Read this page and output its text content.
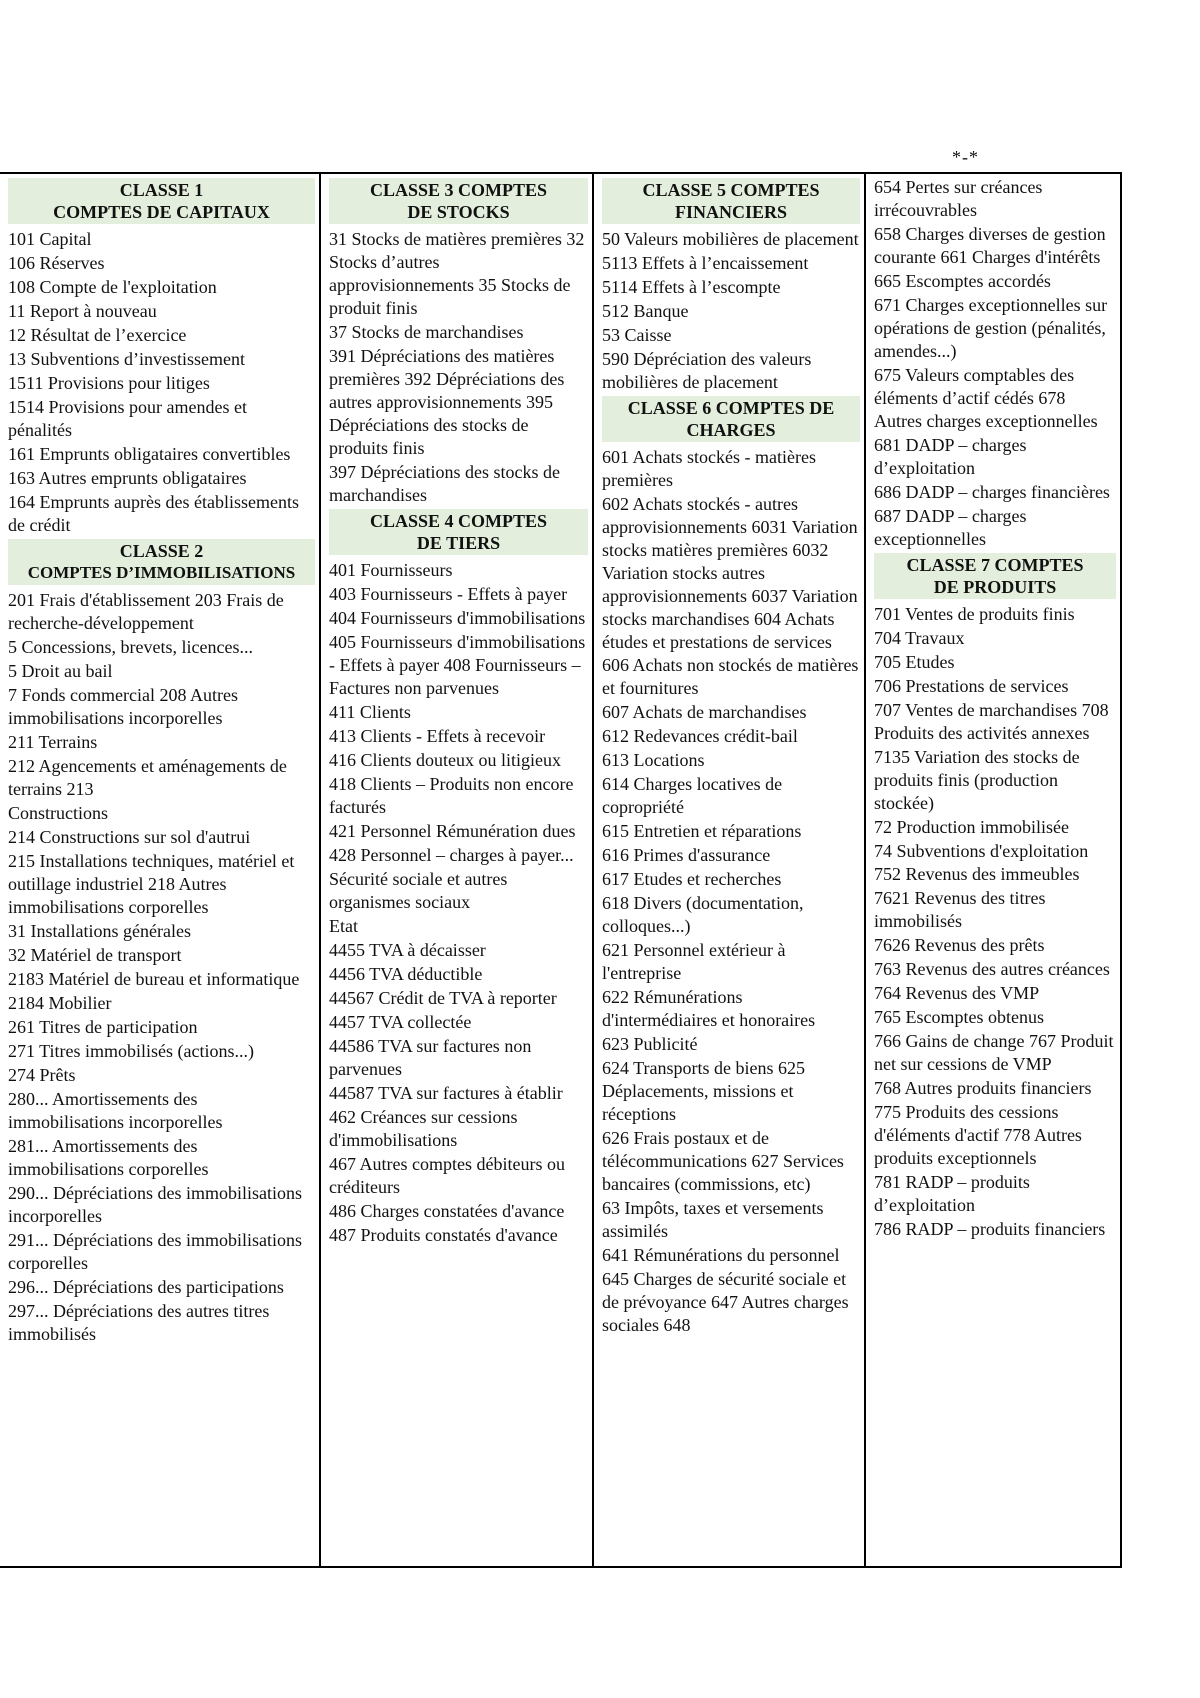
*-*
CLASSE 1
COMPTES DE CAPITAUX
101 Capital
106 Réserves
108 Compte de l'exploitation
11 Report à nouveau
12 Résultat de l’exercice
13 Subventions d’investissement
1511 Provisions pour litiges
1514 Provisions pour amendes et pénalités
161 Emprunts obligataires convertibles
163 Autres emprunts obligataires
164 Emprunts auprès des établissements de crédit
CLASSE 2
COMPTES D’IMMOBILISATIONS
201 Frais d'établissement 203 Frais de recherche-développement
5 Concessions, brevets, licences...
5 Droit au bail
7 Fonds commercial 208 Autres immobilisations incorporelles
211 Terrains
212 Agencements et aménagements de terrains 213
Constructions
214 Constructions sur sol d'autrui
215 Installations techniques, matériel et outillage industriel 218 Autres immobilisations corporelles
31 Installations générales
32 Matériel de transport
2183 Matériel de bureau et informatique
2184 Mobilier
261 Titres de participation
271 Titres immobilisés (actions...)
274 Prêts
280... Amortissements des immobilisations incorporelles
281... Amortissements des immobilisations corporelles
290... Dépréciations des immobilisations incorporelles
291... Dépréciations des immobilisations corporelles
296... Dépréciations des participations
297... Dépréciations des autres titres immobilisés
CLASSE 3 COMPTES
DE STOCKS
31 Stocks de matières premières 32 Stocks d’autres approvisionnements 35 Stocks de produit finis
37 Stocks de marchandises
391 Dépréciations des matières premières 392 Dépréciations des autres approvisionnements 395 Dépréciations des stocks de produits finis
397 Dépréciations des stocks de marchandises
CLASSE 4 COMPTES
DE TIERS
401 Fournisseurs
403 Fournisseurs - Effets à payer
404 Fournisseurs d'immobilisations
405 Fournisseurs d'immobilisations - Effets à payer 408 Fournisseurs – Factures non parvenues
411 Clients
413 Clients - Effets à recevoir
416 Clients douteux ou litigieux
418 Clients – Produits non encore facturés
421 Personnel Rémunération dues
428 Personnel – charges à payer...
Sécurité sociale et autres organismes sociaux
Etat
4455 TVA à décaisser
4456 TVA déductible
44567 Crédit de TVA à reporter
4457 TVA collectée
44586 TVA sur factures non parvenues
44587 TVA sur factures à établir
462 Créances sur cessions d'immobilisations
467 Autres comptes débiteurs ou créditeurs
486 Charges constatées d'avance
487 Produits constatés d'avance
CLASSE 5 COMPTES
FINANCIERS
50 Valeurs mobilières de placement
5113 Effets à l’encaissement
5114 Effets à l’escompte
512 Banque
53 Caisse
590 Dépréciation des valeurs mobilières de placement
CLASSE 6 COMPTES DE
CHARGES
601 Achats stockés - matières premières
602 Achats stockés - autres approvisionnements 6031 Variation stocks matières premières 6032 Variation stocks autres approvisionnements 6037 Variation stocks marchandises 604 Achats études et prestations de services 606 Achats non stockés de matières et fournitures
607 Achats de marchandises
612 Redevances crédit-bail
613 Locations
614 Charges locatives de copropriété
615 Entretien et réparations
616 Primes d'assurance
617 Etudes et recherches
618 Divers (documentation, colloques...)
621 Personnel extérieur à l'entreprise
622 Rémunérations d'intermédiaires et honoraires
623 Publicité
624 Transports de biens 625 Déplacements, missions et réceptions
626 Frais postaux et de télécommunications 627 Services bancaires (commissions, etc)
63 Impôts, taxes et versements assimilés
641 Rémunérations du personnel
645 Charges de sécurité sociale et de prévoyance 647 Autres charges sociales 648
654 Pertes sur créances irrécouvrables
658 Charges diverses de gestion courante 661 Charges d'intérêts
665 Escomptes accordés
671 Charges exceptionnelles sur opérations de gestion (pénalités, amendes...)
675 Valeurs comptables des éléments d’actif cédés 678 Autres charges exceptionnelles
681 DADP – charges d’exploitation
686 DADP – charges financières
687 DADP – charges exceptionnelles
CLASSE 7 COMPTES
DE PRODUITS
701 Ventes de produits finis
704 Travaux
705 Etudes
706 Prestations de services
707 Ventes de marchandises 708 Produits des activités annexes
7135 Variation des stocks de produits finis (production stockée)
72 Production immobilisée
74 Subventions d'exploitation 752 Revenus des immeubles
7621 Revenus des titres immobilisés
7626 Revenus des prêts
763 Revenus des autres créances
764 Revenus des VMP
765 Escomptes obtenus
766 Gains de change 767 Produit net sur cessions de VMP
768 Autres produits financiers
775 Produits des cessions d'éléments d'actif 778 Autres produits exceptionnels
781 RADP – produits d’exploitation
786 RADP – produits financiers
